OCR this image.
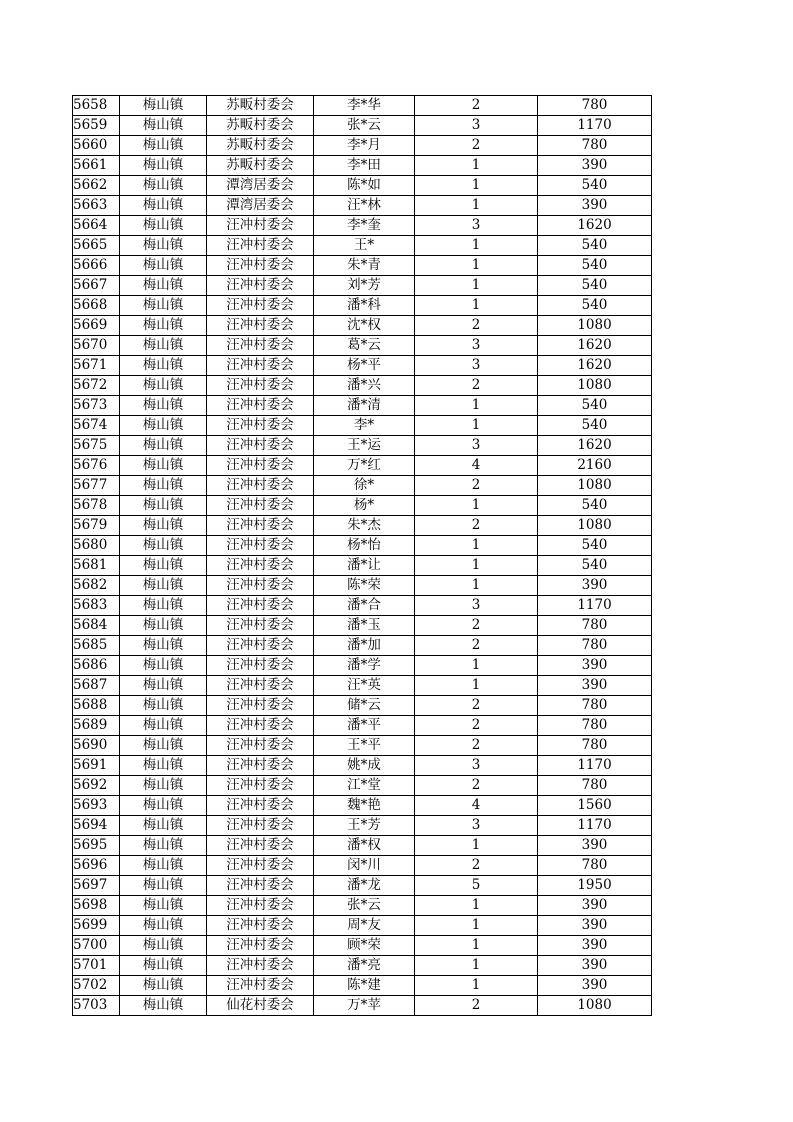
5658	梅山镇	苏畈村委会	李*华	2	780
5659	梅山镇	苏畈村委会	张*云	3	1170
5660	梅山镇	苏畈村委会	李*月	2	780
5661	梅山镇	苏畈村委会	李*田	1	390
5662	梅山镇	潭湾居委会	陈*如	1	540
5663	梅山镇	潭湾居委会	汪*林	1	390
5664	梅山镇	汪冲村委会	李*奎	3	1620
5665	梅山镇	汪冲村委会	王*	1	540
5666	梅山镇	汪冲村委会	朱*青	1	540
5667	梅山镇	汪冲村委会	刘*芳	1	540
5668	梅山镇	汪冲村委会	潘*科	1	540
5669	梅山镇	汪冲村委会	沈*权	2	1080
5670	梅山镇	汪冲村委会	葛*云	3	1620
5671	梅山镇	汪冲村委会	杨*平	3	1620
5672	梅山镇	汪冲村委会	潘*兴	2	1080
5673	梅山镇	汪冲村委会	潘*清	1	540
5674	梅山镇	汪冲村委会	李*	1	540
5675	梅山镇	汪冲村委会	王*运	3	1620
5676	梅山镇	汪冲村委会	万*红	4	2160
5677	梅山镇	汪冲村委会	徐*	2	1080
5678	梅山镇	汪冲村委会	杨*	1	540
5679	梅山镇	汪冲村委会	朱*杰	2	1080
5680	梅山镇	汪冲村委会	杨*怡	1	540
5681	梅山镇	汪冲村委会	潘*让	1	540
5682	梅山镇	汪冲村委会	陈*荣	1	390
5683	梅山镇	汪冲村委会	潘*合	3	1170
5684	梅山镇	汪冲村委会	潘*玉	2	780
5685	梅山镇	汪冲村委会	潘*加	2	780
5686	梅山镇	汪冲村委会	潘*学	1	390
5687	梅山镇	汪冲村委会	汪*英	1	390
5688	梅山镇	汪冲村委会	储*云	2	780
5689	梅山镇	汪冲村委会	潘*平	2	780
5690	梅山镇	汪冲村委会	王*平	2	780
5691	梅山镇	汪冲村委会	姚*成	3	1170
5692	梅山镇	汪冲村委会	江*堂	2	780
5693	梅山镇	汪冲村委会	魏*艳	4	1560
5694	梅山镇	汪冲村委会	王*芳	3	1170
5695	梅山镇	汪冲村委会	潘*权	1	390
5696	梅山镇	汪冲村委会	闵*川	2	780
5697	梅山镇	汪冲村委会	潘*龙	5	1950
5698	梅山镇	汪冲村委会	张*云	1	390
5699	梅山镇	汪冲村委会	周*友	1	390
5700	梅山镇	汪冲村委会	顾*荣	1	390
5701	梅山镇	汪冲村委会	潘*亮	1	390
5702	梅山镇	汪冲村委会	陈*建	1	390
5703	梅山镇	仙花村委会	万*苹	2	1080
